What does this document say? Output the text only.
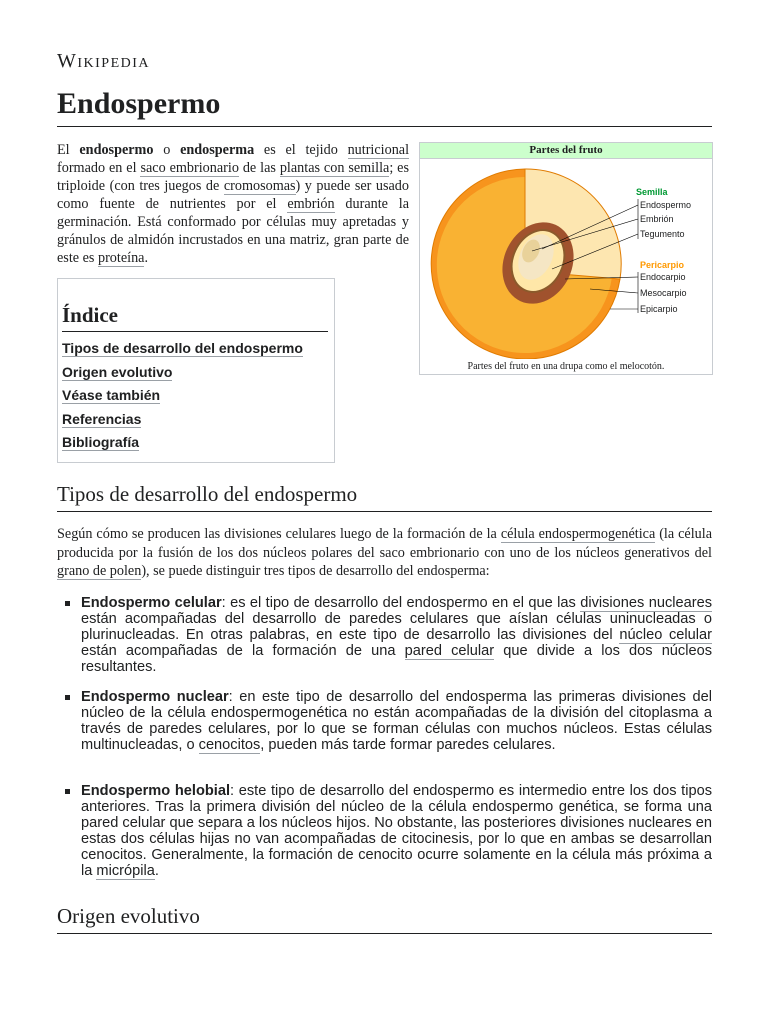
Wikipedia
Endospermo

El endospermo o endosperma es el tejido nutricional formado en el saco embrionario de las plantas con semilla; es triploide (con tres juegos de cromosomas) y puede ser usado como fuente de nutrientes por el embrión durante la germinación. Está conformado por células muy apretadas y gránulos de almidón incrustados en una matriz, gran parte de este es proteína.

Partes del fruto
Semilla
Endospermo
Embrión
Tegumento
Pericarpio
Endocarpio
Mesocarpio
Epicarpio
Partes del fruto en una drupa como el melocotón.
Índice
Tipos de desarrollo del endospermo
Origen evolutivo
Véase también
Referencias
Bibliografía
Tipos de desarrollo del endospermo

Según cómo se producen las divisiones celulares luego de la formación de la célula endospermogenética (la célula producida por la fusión de los dos núcleos polares del saco embrionario con uno de los núcleos generativos del grano de polen), se puede distinguir tres tipos de desarrollo del endosperma:

Endospermo celular: es el tipo de desarrollo del endospermo en el que las divisiones nucleares están acompañadas del desarrollo de paredes celulares que aíslan células uninucleadas o plurinucleadas. En otras palabras, en este tipo de desarrollo las divisiones del núcleo celular están acompañadas de la formación de una pared celular que divide a los dos núcleos resultantes.
Endospermo nuclear: en este tipo de desarrollo del endosperma las primeras divisiones del núcleo de la célula endospermogenética no están acompañadas de la división del citoplasma a través de paredes celulares, por lo que se forman células con muchos núcleos. Estas células multinucleadas, o cenocitos, pueden más tarde formar paredes celulares.
Endospermo helobial: este tipo de desarrollo del endospermo es intermedio entre los dos tipos anteriores. Tras la primera división del núcleo de la célula endospermo genética, se forma una pared celular que separa a los núcleos hijos. No obstante, las posteriores divisiones nucleares en estas dos células hijas no van acompañadas de citocinesis, por lo que en ambas se desarrollan cenocitos. Generalmente, la formación de cenocito ocurre solamente en la célula más próxima a la micrópila.
Origen evolutivo
